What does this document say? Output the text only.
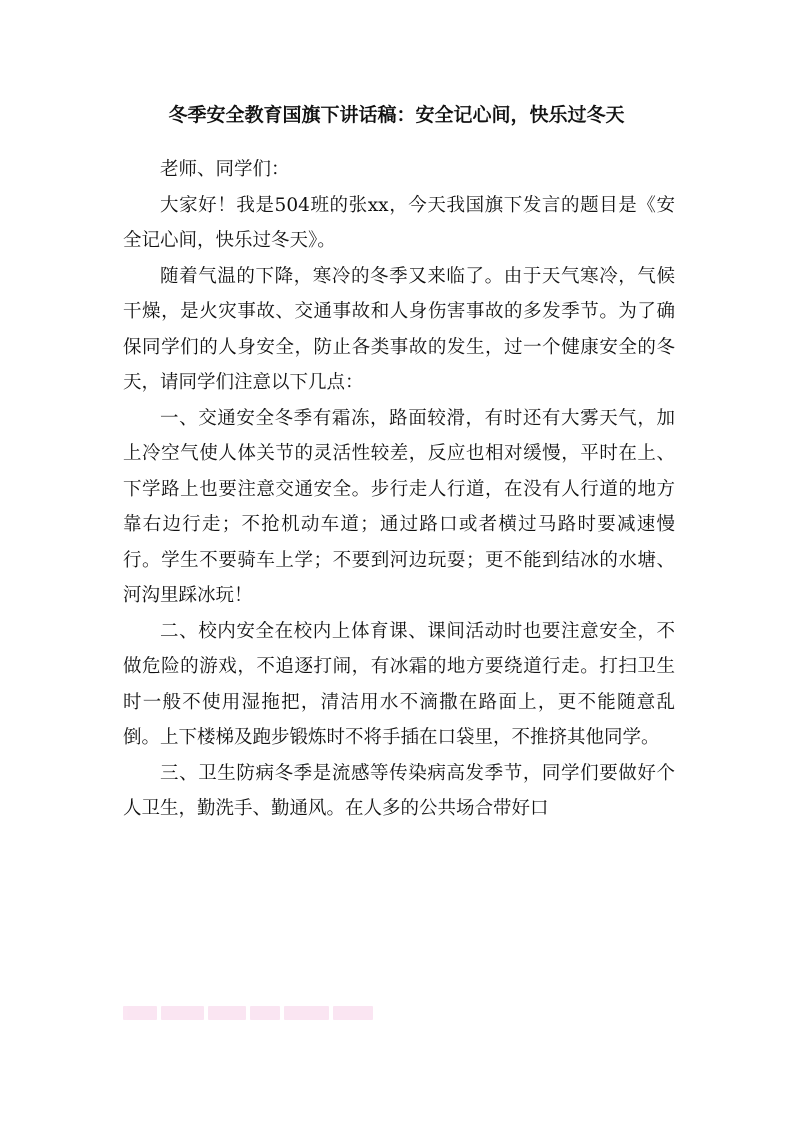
冬季安全教育国旗下讲话稿：安全记心间，快乐过冬天

老师、同学们：

大家好！我是504班的张xx，今天我国旗下发言的题目是《安全记心间，快乐过冬天》。

随着气温的下降，寒冷的冬季又来临了。由于天气寒冷，气候干燥，是火灾事故、交通事故和人身伤害事故的多发季节。为了确保同学们的人身安全，防止各类事故的发生，过一个健康安全的冬天，请同学们注意以下几点：

一、交通安全冬季有霜冻，路面较滑，有时还有大雾天气，加上冷空气使人体关节的灵活性较差，反应也相对缓慢，平时在上、下学路上也要注意交通安全。步行走人行道，在没有人行道的地方靠右边行走；不抢机动车道；通过路口或者横过马路时要减速慢行。学生不要骑车上学；不要到河边玩耍；更不能到结冰的水塘、河沟里踩冰玩！

二、校内安全在校内上体育课、课间活动时也要注意安全，不做危险的游戏，不追逐打闹，有冰霜的地方要绕道行走。打扫卫生时一般不使用湿拖把，清洁用水不滴撒在路面上，更不能随意乱倒。上下楼梯及跑步锻炼时不将手插在口袋里，不推挤其他同学。

三、卫生防病冬季是流感等传染病高发季节，同学们要做好个人卫生，勤洗手、勤通风。在人多的公共场合带好口
